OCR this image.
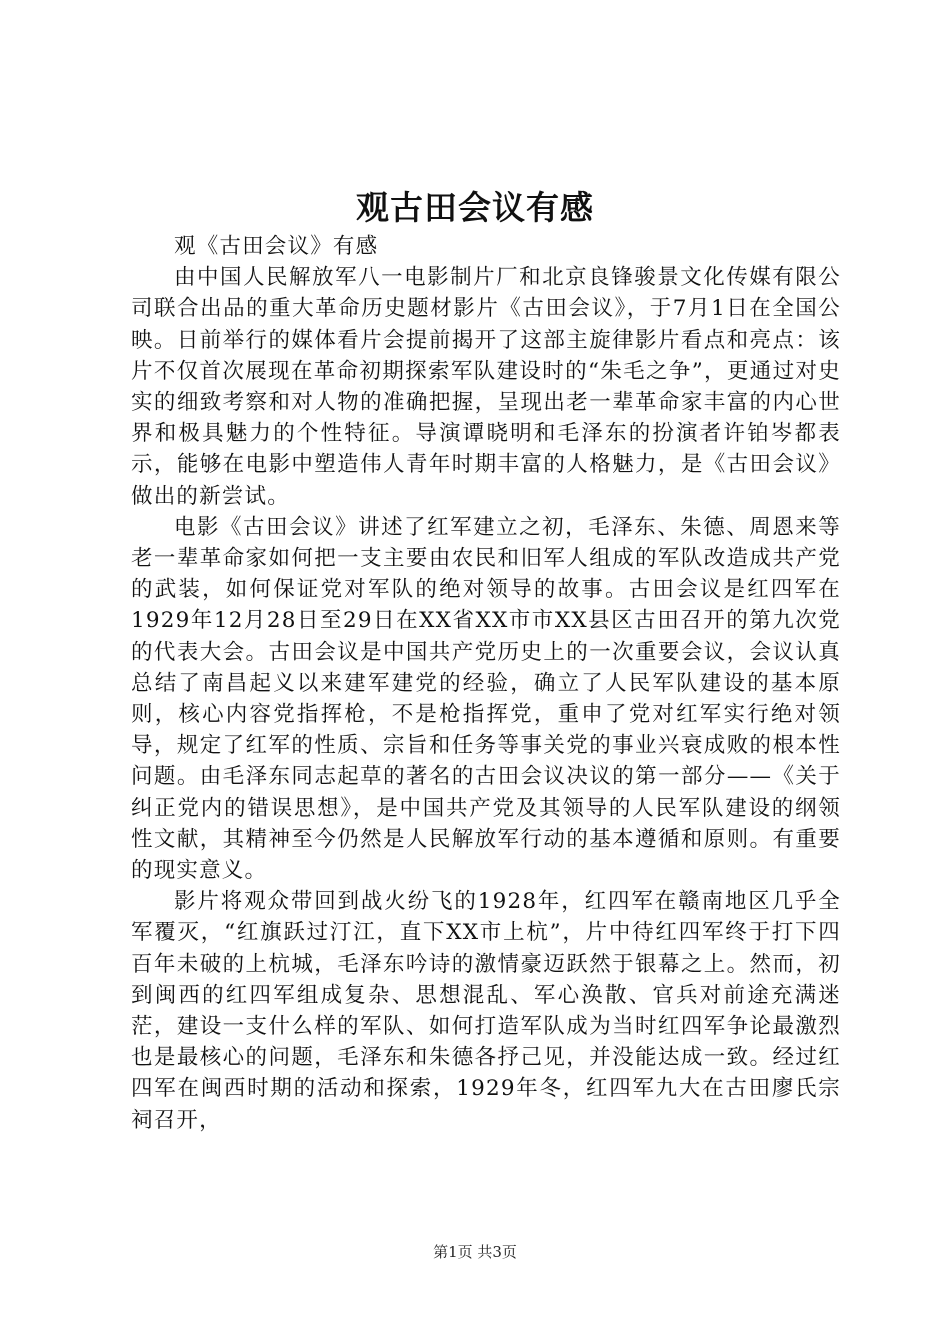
观古田会议有感

观《古田会议》有感

由中国人民解放军八一电影制片厂和北京良锋骏景文化传媒有限公司联合出品的重大革命历史题材影片《古田会议》，于7月1日在全国公映。日前举行的媒体看片会提前揭开了这部主旋律影片看点和亮点：该片不仅首次展现在革命初期探索军队建设时的“朱毛之争”，更通过对史实的细致考察和对人物的准确把握，呈现出老一辈革命家丰富的内心世界和极具魅力的个性特征。导演谭晓明和毛泽东的扮演者许铂岑都表示，能够在电影中塑造伟人青年时期丰富的人格魅力，是《古田会议》做出的新尝试。

电影《古田会议》讲述了红军建立之初，毛泽东、朱德、周恩来等老一辈革命家如何把一支主要由农民和旧军人组成的军队改造成共产党的武装，如何保证党对军队的绝对领导的故事。古田会议是红四军在1929年12月28日至29日在XX省XX市市XX县区古田召开的第九次党的代表大会。古田会议是中国共产党历史上的一次重要会议，会议认真总结了南昌起义以来建军建党的经验，确立了人民军队建设的基本原则，核心内容党指挥枪，不是枪指挥党，重申了党对红军实行绝对领导，规定了红军的性质、宗旨和任务等事关党的事业兴衰成败的根本性问题。由毛泽东同志起草的著名的古田会议决议的第一部分——《关于纠正党内的错误思想》，是中国共产党及其领导的人民军队建设的纲领性文献，其精神至今仍然是人民解放军行动的基本遵循和原则。有重要的现实意义。

影片将观众带回到战火纷飞的1928年，红四军在赣南地区几乎全军覆灭，“红旗跃过汀江，直下XX市上杭”，片中待红四军终于打下四百年未破的上杭城，毛泽东吟诗的激情豪迈跃然于银幕之上。然而，初到闽西的红四军组成复杂、思想混乱、军心涣散、官兵对前途充满迷茫，建设一支什么样的军队、如何打造军队成为当时红四军争论最激烈也是最核心的问题，毛泽东和朱德各抒己见，并没能达成一致。经过红四军在闽西时期的活动和探索，1929年冬，红四军九大在古田廖氏宗祠召开，

第1页 共3页
